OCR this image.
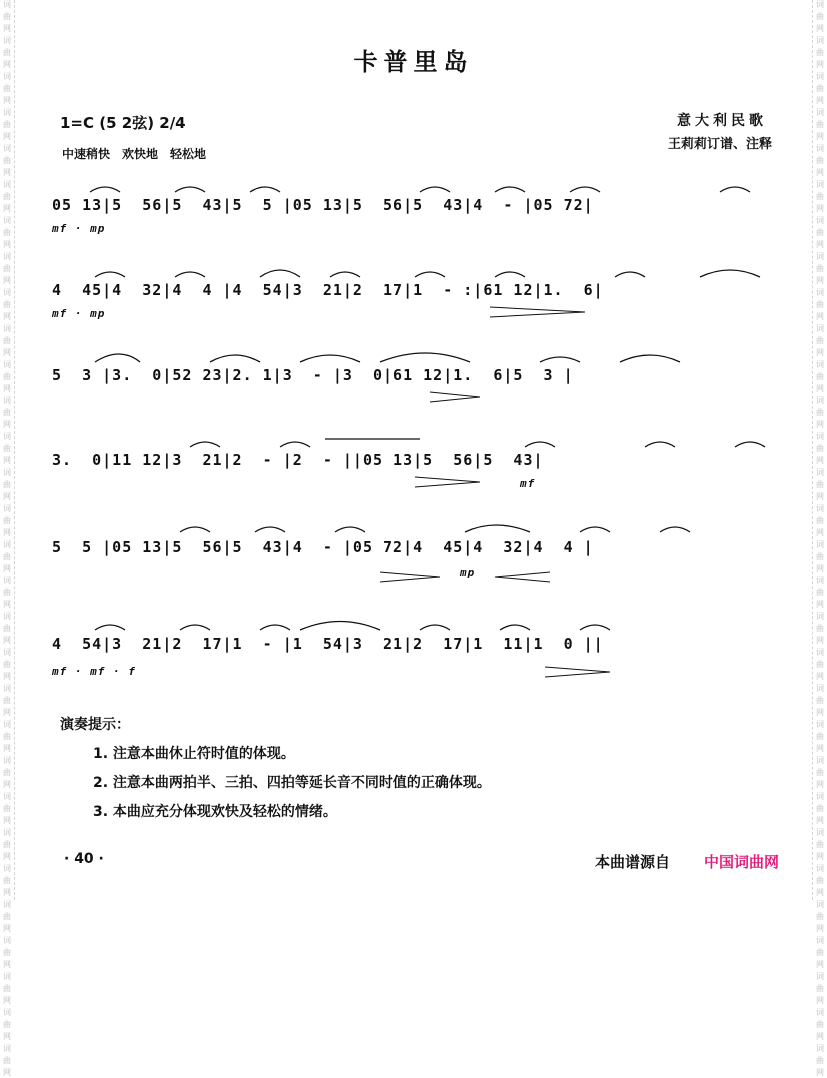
词
曲
网
词
曲
网
词
曲
网
词
曲
网
词
曲
网
词
曲
网
词
曲
网
词
曲
网
词
曲
网
词
曲
网
词
曲
网
词
曲
网
词
曲
网
词
曲
网
词
曲
网
词
曲
网
词
曲
网
词
曲
网
词
曲
网
词
曲
网
词
曲
网
词
曲
网
词
曲
网
词
曲
网
词
曲
网
词
曲
网
词
曲
网
词
曲
网
词
曲
网
词
曲
网
词
曲
网
词
曲
网
词
曲
网
词
曲
网
词
曲
网
词
曲
网
词
曲
网
词
曲
网
词
曲
网
词
曲
网
词
曲
网
词
曲
网
词
曲
网
词
曲
网
词
曲
网
词
曲
网
词
曲
网
词
曲
网
词
曲
网
词
曲
网
词
曲
网
词
曲
网
词
曲
网
词
曲
网
词
曲
网
词
曲
网
词
曲
网
词
曲
网
词
曲
网
词
曲
网
卡普里岛
1=C (5 2弦) 2/4
中速稍快　欢快地　轻松地
意大利民歌
王莉莉订谱、注释
05 13|5  56|5  43|5  5 |05 13|5  56|5  43|4  - |05 72|
mf · mp
4  45|4  32|4  4 |4  54|3  21|2  17|1  - :|61 12|1.  6|
mf · mp
5  3 |3.  0|52 23|2. 1|3  - |3  0|61 12|1.  6|5  3 |
3.  0|11 12|3  21|2  - |2  - ||05 13|5  56|5  43|
mf
5  5 |05 13|5  56|5  43|4  - |05 72|4  45|4  32|4  4 |
mp
4  54|3  21|2  17|1  - |1  54|3  21|2  17|1  11|1  0 ||
mf · mf · f
演奏提示：
1. 注意本曲休止符时值的体现。
2. 注意本曲两拍半、三拍、四拍等延长音不同时值的正确体现。
3. 本曲应充分体现欢快及轻松的情绪。
· 40 ·	本曲谱源自 中国词曲网
